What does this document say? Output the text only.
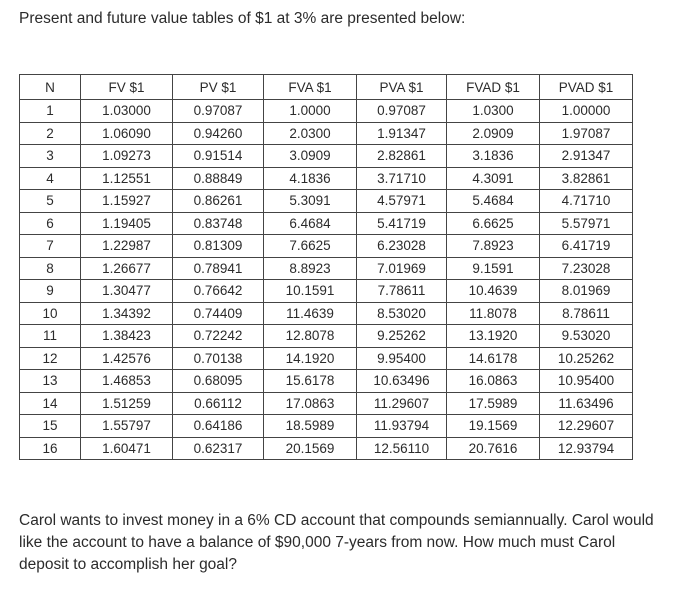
Present and future value tables of $1 at 3% are presented below:
N	FV $1	PV $1	FVA $1	PVA $1	FVAD $1	PVAD $1
1	1.03000	0.97087	1.0000	0.97087	1.0300	1.00000
2	1.06090	0.94260	2.0300	1.91347	2.0909	1.97087
3	1.09273	0.91514	3.0909	2.82861	3.1836	2.91347
4	1.12551	0.88849	4.1836	3.71710	4.3091	3.82861
5	1.15927	0.86261	5.3091	4.57971	5.4684	4.71710
6	1.19405	0.83748	6.4684	5.41719	6.6625	5.57971
7	1.22987	0.81309	7.6625	6.23028	7.8923	6.41719
8	1.26677	0.78941	8.8923	7.01969	9.1591	7.23028
9	1.30477	0.76642	10.1591	7.78611	10.4639	8.01969
10	1.34392	0.74409	11.4639	8.53020	11.8078	8.78611
11	1.38423	0.72242	12.8078	9.25262	13.1920	9.53020
12	1.42576	0.70138	14.1920	9.95400	14.6178	10.25262
13	1.46853	0.68095	15.6178	10.63496	16.0863	10.95400
14	1.51259	0.66112	17.0863	11.29607	17.5989	11.63496
15	1.55797	0.64186	18.5989	11.93794	19.1569	12.29607
16	1.60471	0.62317	20.1569	12.56110	20.7616	12.93794
Carol wants to invest money in a 6% CD account that compounds semiannually. Carol would like the account to have a balance of $90,000 7-years from now. How much must Carol deposit to accomplish her goal?
